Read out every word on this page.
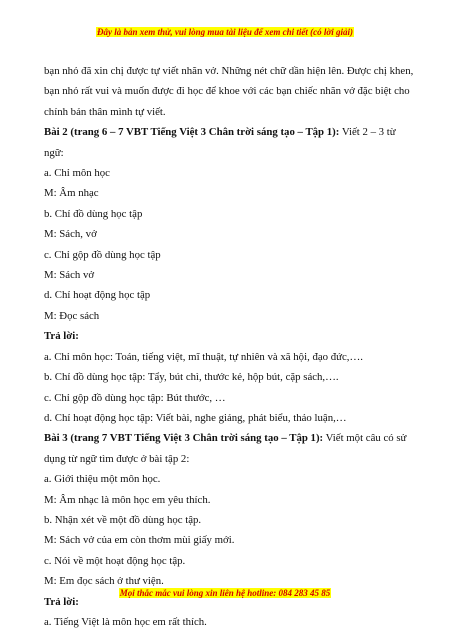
Đây là bản xem thử, vui lòng mua tài liệu để xem chi tiết (có lời giải)

bạn nhỏ đã xin chị được tự viết nhãn vở. Những nét chữ dần hiện lên. Được chị khen,

bạn nhỏ rất vui và muốn được đi học để khoe với các bạn chiếc nhãn vở đặc biệt cho

chính bản thân mình tự viết.

Bài 2 (trang 6 – 7 VBT Tiếng Việt 3 Chân trời sáng tạo – Tập 1): Viết 2 – 3 từ

ngữ:

a. Chỉ môn học

M: Âm nhạc

b. Chỉ đồ dùng học tập

M: Sách, vở

c. Chỉ gộp đồ dùng học tập

M: Sách vở

d. Chỉ hoạt động học tập

M: Đọc sách

Trả lời:

a. Chỉ môn học: Toán, tiếng việt, mĩ thuật, tự nhiên và xã hội, đạo đức,….

b. Chỉ đồ dùng học tập: Tẩy, bút chì, thước kẻ, hộp bút, cặp sách,….

c. Chỉ gộp đồ dùng học tập: Bút thước, …

d. Chỉ hoạt động học tập: Viết bài, nghe giảng, phát biểu, thảo luận,…

Bài 3 (trang 7 VBT Tiếng Việt 3 Chân trời sáng tạo – Tập 1): Viết một câu có sử

dụng từ ngữ tìm được ở bài tập 2:

a. Giới thiệu một môn học.

M: Âm nhạc là môn học em yêu thích.

b. Nhận xét về một đồ dùng học tập.

M: Sách vở của em còn thơm mùi giấy mới.

c. Nói về một hoạt động học tập.

M: Em đọc sách ở thư viện.

Trả lời:

a. Tiếng Việt là môn học em rất thích.

Mọi thắc mắc vui lòng xin liên hệ hotline: 084 283 45 85
